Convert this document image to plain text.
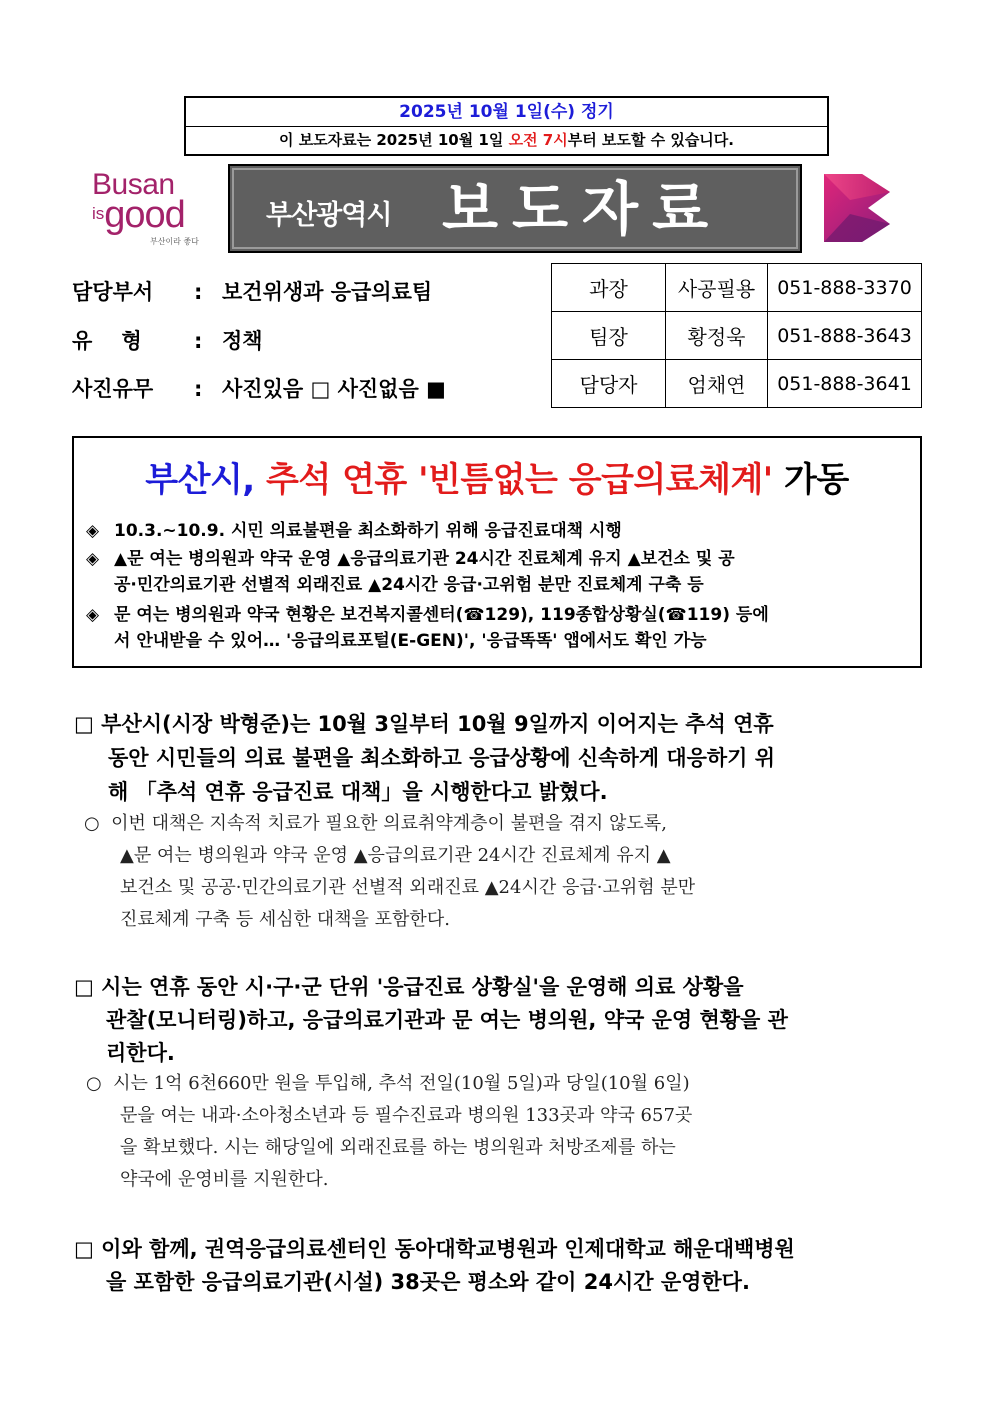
2025년 10월 1일(수) 정기
이 보도자료는 2025년 10월 1일 오전 7시부터 보도할 수 있습니다.
Busan
isgood
부산이라 좋다
부산광역시 보도자료
담당부서 : 보건위생과 응급의료팀
유    형 : 정책
사진유무 : 사진있음 □ 사진없음 ■
과장	사공필용	051-888-3370
팀장	황정욱	051-888-3643
담당자	엄채연	051-888-3641
부산시, 추석 연휴 '빈틈없는 응급의료체계' 가동
◈ 10.3.~10.9. 시민 의료불편을 최소화하기 위해 응급진료대책 시행
◈ ▲문 여는 병의원과 약국 운영 ▲응급의료기관 24시간 진료체계 유지 ▲보건소 및 공
공·민간의료기관 선별적 외래진료 ▲24시간 응급·고위험 분만 진료체계 구축 등
◈ 문 여는 병의원과 약국 현황은 보건복지콜센터(☎129), 119종합상황실(☎119) 등에
서 안내받을 수 있어… '응급의료포털(E-GEN)', '응급똑똑' 앱에서도 확인 가능
□ 부산시(시장 박형준)는 10월 3일부터 10월 9일까지 이어지는 추석 연휴
동안 시민들의 의료 불편을 최소화하고 응급상황에 신속하게 대응하기 위
해 「추석 연휴 응급진료 대책」을 시행한다고 밝혔다.
○ 이번 대책은 지속적 치료가 필요한 의료취약계층이 불편을 겪지 않도록,
▲문 여는 병의원과 약국 운영 ▲응급의료기관 24시간 진료체계 유지 ▲
보건소 및 공공·민간의료기관 선별적 외래진료 ▲24시간 응급·고위험 분만
진료체계 구축 등 세심한 대책을 포함한다.
□ 시는 연휴 동안 시·구·군 단위 '응급진료 상황실'을 운영해 의료 상황을
관찰(모니터링)하고, 응급의료기관과 문 여는 병의원, 약국 운영 현황을 관
리한다.
○ 시는 1억 6천660만 원을 투입해, 추석 전일(10월 5일)과 당일(10월 6일)
문을 여는 내과·소아청소년과 등 필수진료과 병의원 133곳과 약국 657곳
을 확보했다. 시는 해당일에 외래진료를 하는 병의원과 처방조제를 하는
약국에 운영비를 지원한다.
□ 이와 함께, 권역응급의료센터인 동아대학교병원과 인제대학교 해운대백병원
을 포함한 응급의료기관(시설) 38곳은 평소와 같이 24시간 운영한다.
